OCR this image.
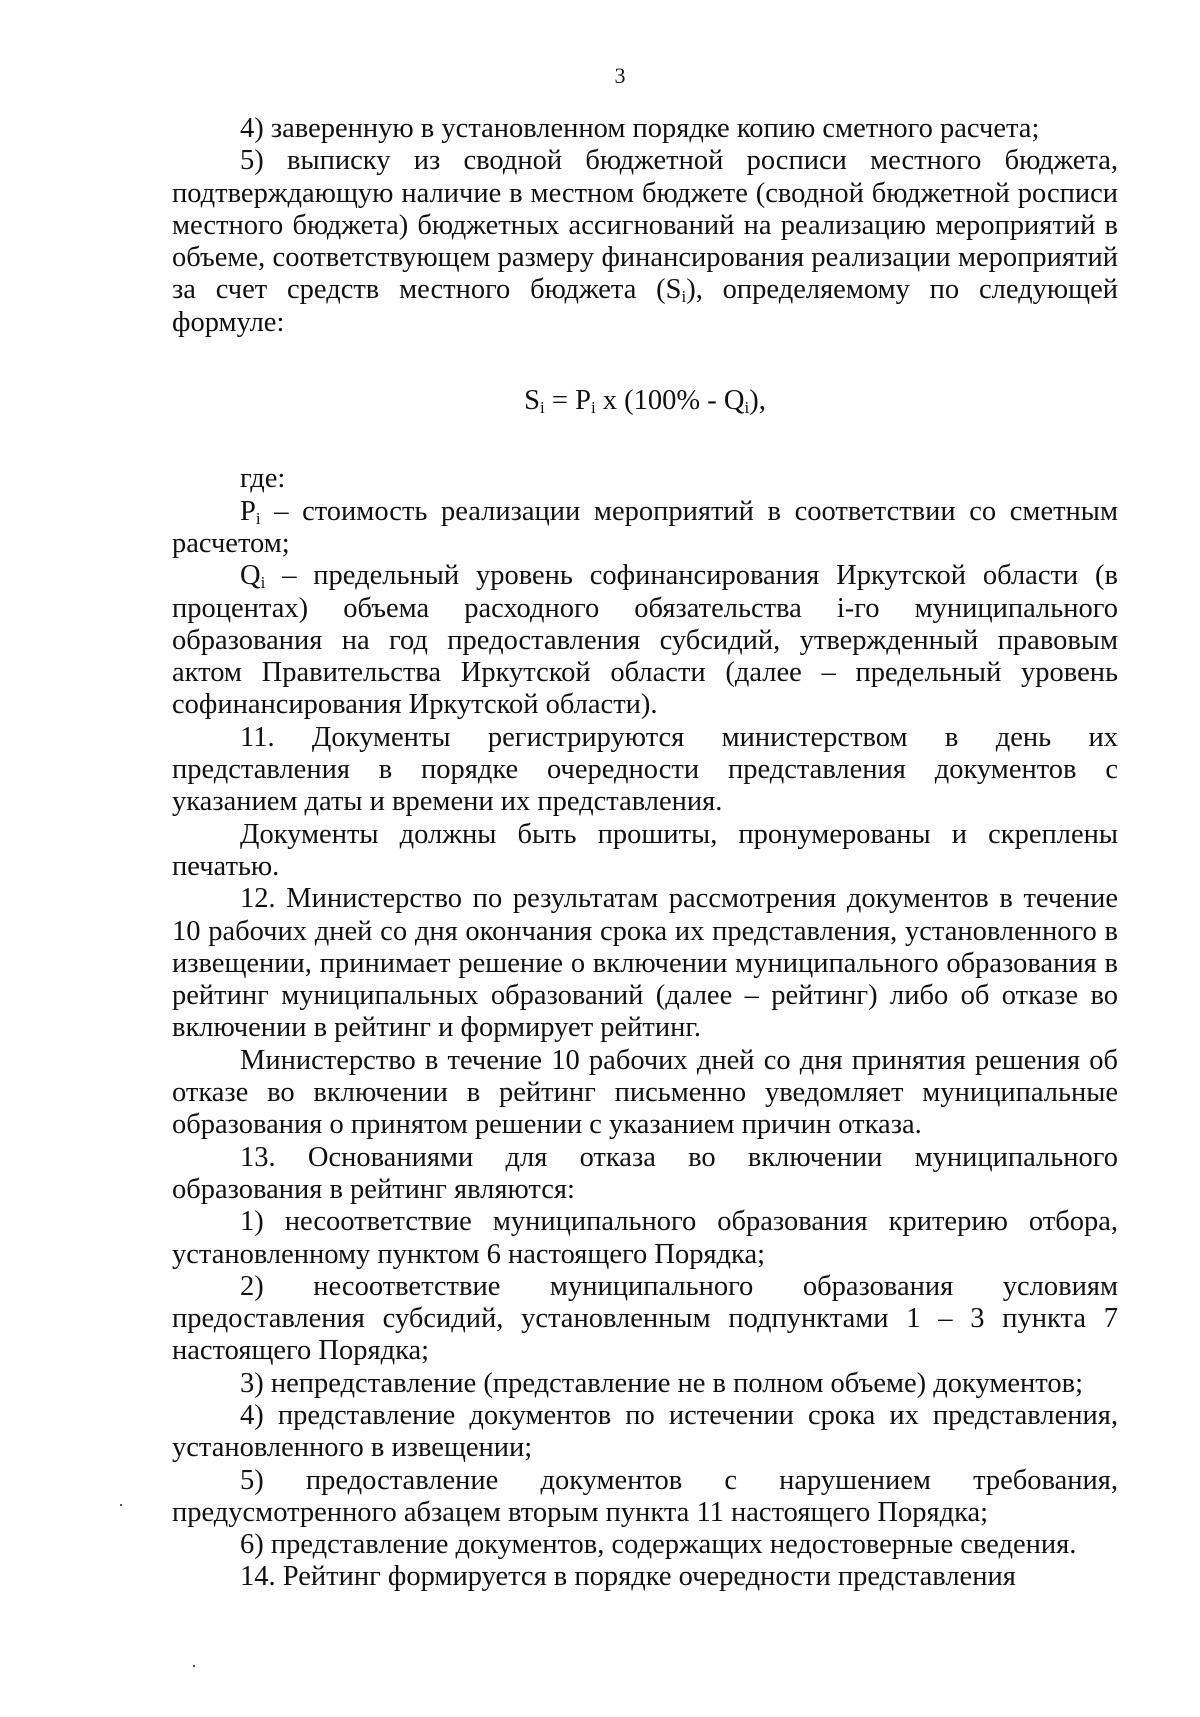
3

4) заверенную в установленном порядке копию сметного расчета;

5) выписку из сводной бюджетной росписи местного бюджета, подтверждающую наличие в местном бюджете (сводной бюджетной росписи местного бюджета) бюджетных ассигнований на реализацию мероприятий в объеме, соответствующем размеру финансирования реализации мероприятий за счет средств местного бюджета $(S_i)$, определяемому по следующей формуле:

$S_i = P_i$ x $(100\% - Q_i)$,

где:

$P_i$ – стоимость реализации мероприятий в соответствии со сметным расчетом;

$Q_i$ – предельный уровень софинансирования Иркутской области (в процентах) объема расходного обязательства i-го муниципального образования на год предоставления субсидий, утвержденный правовым актом Правительства Иркутской области (далее – предельный уровень софинансирования Иркутской области).

11. Документы регистрируются министерством в день их представления в порядке очередности представления документов с указанием даты и времени их представления.

Документы должны быть прошиты, пронумерованы и скреплены печатью.

12. Министерство по результатам рассмотрения документов в течение 10 рабочих дней со дня окончания срока их представления, установленного в извещении, принимает решение о включении муниципального образования в рейтинг муниципальных образований (далее – рейтинг) либо об отказе во включении в рейтинг и формирует рейтинг.

Министерство в течение 10 рабочих дней со дня принятия решения об отказе во включении в рейтинг письменно уведомляет муниципальные образования о принятом решении с указанием причин отказа.

13. Основаниями для отказа во включении муниципального образования в рейтинг являются:

1) несоответствие муниципального образования критерию отбора, установленному пунктом 6 настоящего Порядка;

2) несоответствие муниципального образования условиям предоставления субсидий, установленным подпунктами 1 – 3 пункта 7 настоящего Порядка;

3) непредставление (представление не в полном объеме) документов;

4) представление документов по истечении срока их представления, установленного в извещении;

5) предоставление документов с нарушением требования, предусмотренного абзацем вторым пункта 11 настоящего Порядка;

6) представление документов, содержащих недостоверные сведения.

14. Рейтинг формируется в порядке очередности представления
